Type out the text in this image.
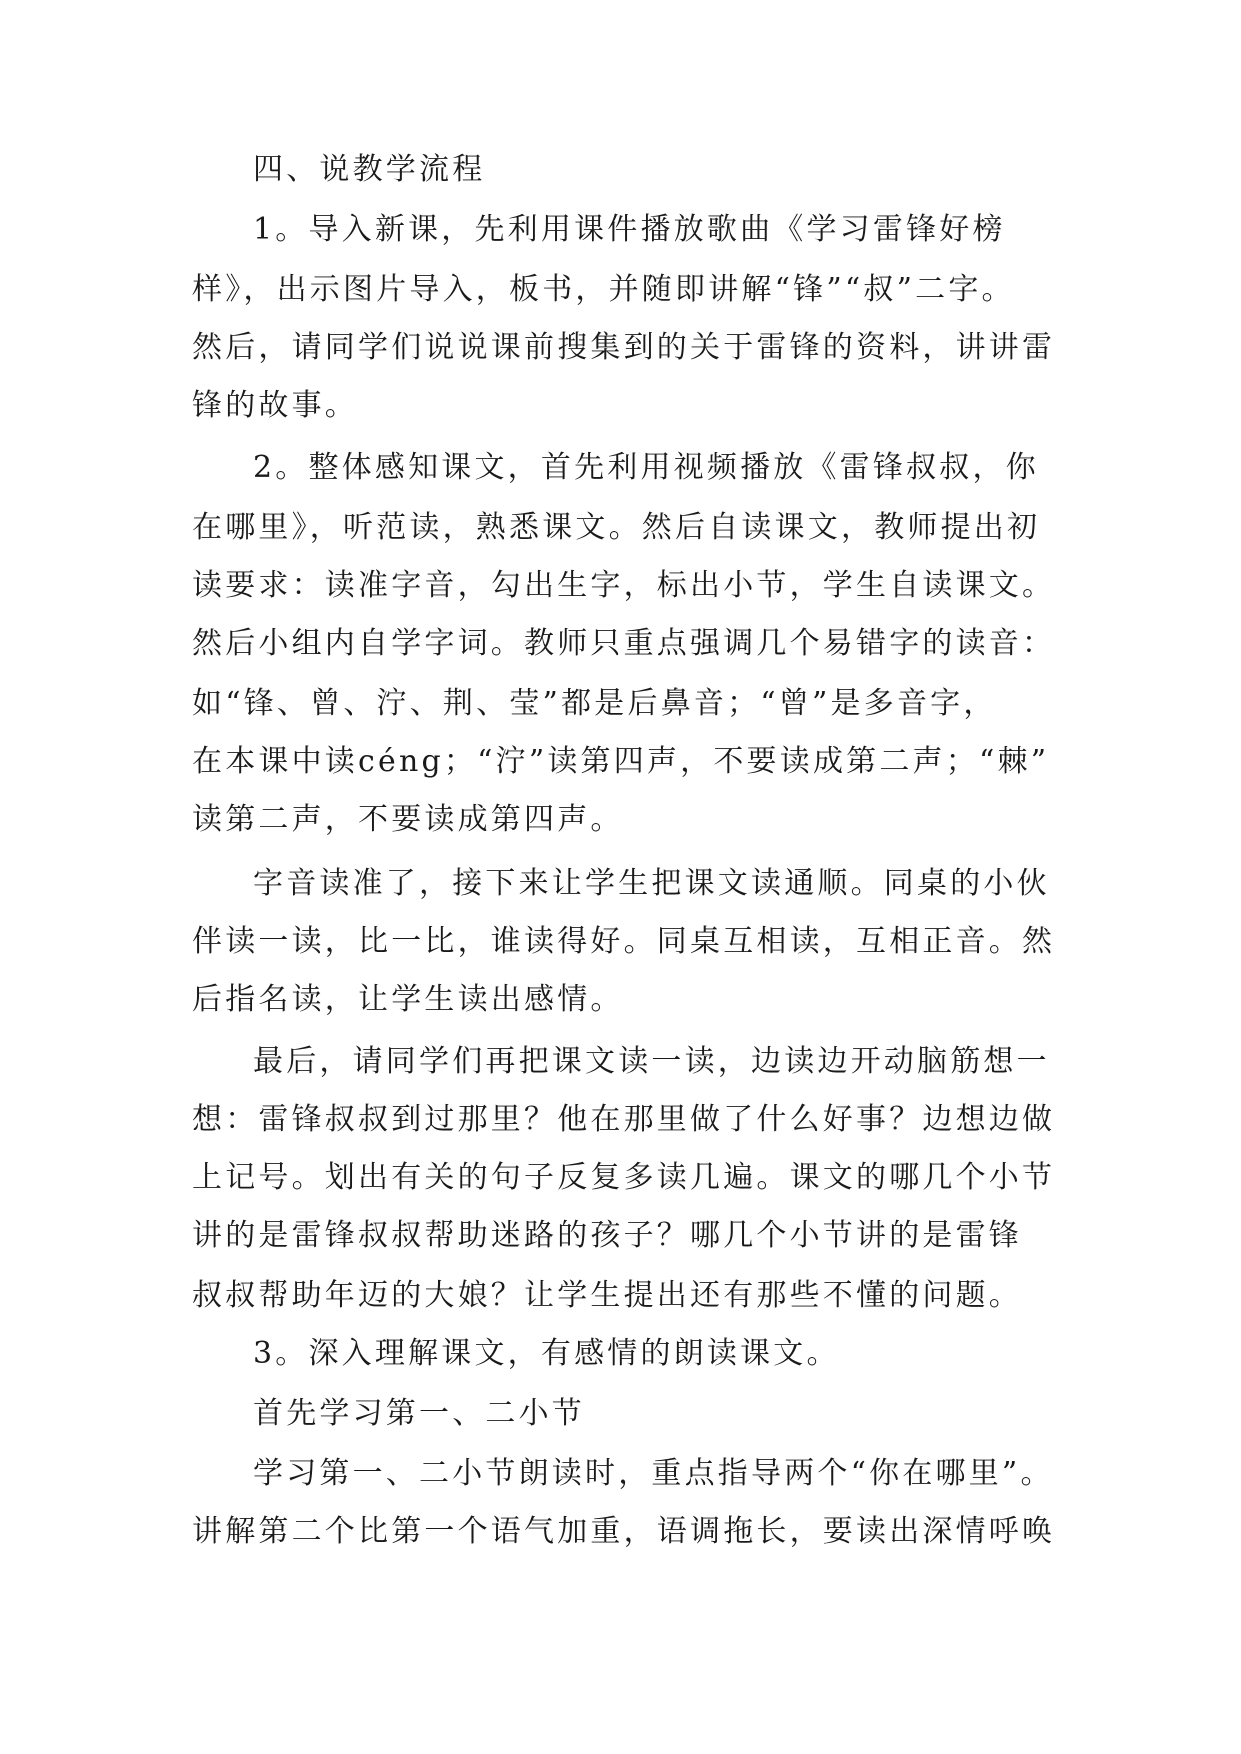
四、说教学流程
1。导入新课，先利用课件播放歌曲《学习雷锋好榜
样》，出示图片导入，板书，并随即讲解“锋”“叔”二字。
然后，请同学们说说课前搜集到的关于雷锋的资料，讲讲雷
锋的故事。
2。整体感知课文，首先利用视频播放《雷锋叔叔，你
在哪里》，听范读，熟悉课文。然后自读课文，教师提出初
读要求：读准字音，勾出生字，标出小节，学生自读课文。
然后小组内自学字词。教师只重点强调几个易错字的读音：
如“锋、曾、泞、荆、莹”都是后鼻音；“曾”是多音字，
在本课中读céng；“泞”读第四声，不要读成第二声；“棘”
读第二声，不要读成第四声。
字音读准了，接下来让学生把课文读通顺。同桌的小伙
伴读一读，比一比，谁读得好。同桌互相读，互相正音。然
后指名读，让学生读出感情。
最后，请同学们再把课文读一读，边读边开动脑筋想一
想：雷锋叔叔到过那里？他在那里做了什么好事？边想边做
上记号。划出有关的句子反复多读几遍。课文的哪几个小节
讲的是雷锋叔叔帮助迷路的孩子？哪几个小节讲的是雷锋
叔叔帮助年迈的大娘？让学生提出还有那些不懂的问题。
3。深入理解课文，有感情的朗读课文。
首先学习第一、二小节
学习第一、二小节朗读时，重点指导两个“你在哪里”。
讲解第二个比第一个语气加重，语调拖长，要读出深情呼唤
